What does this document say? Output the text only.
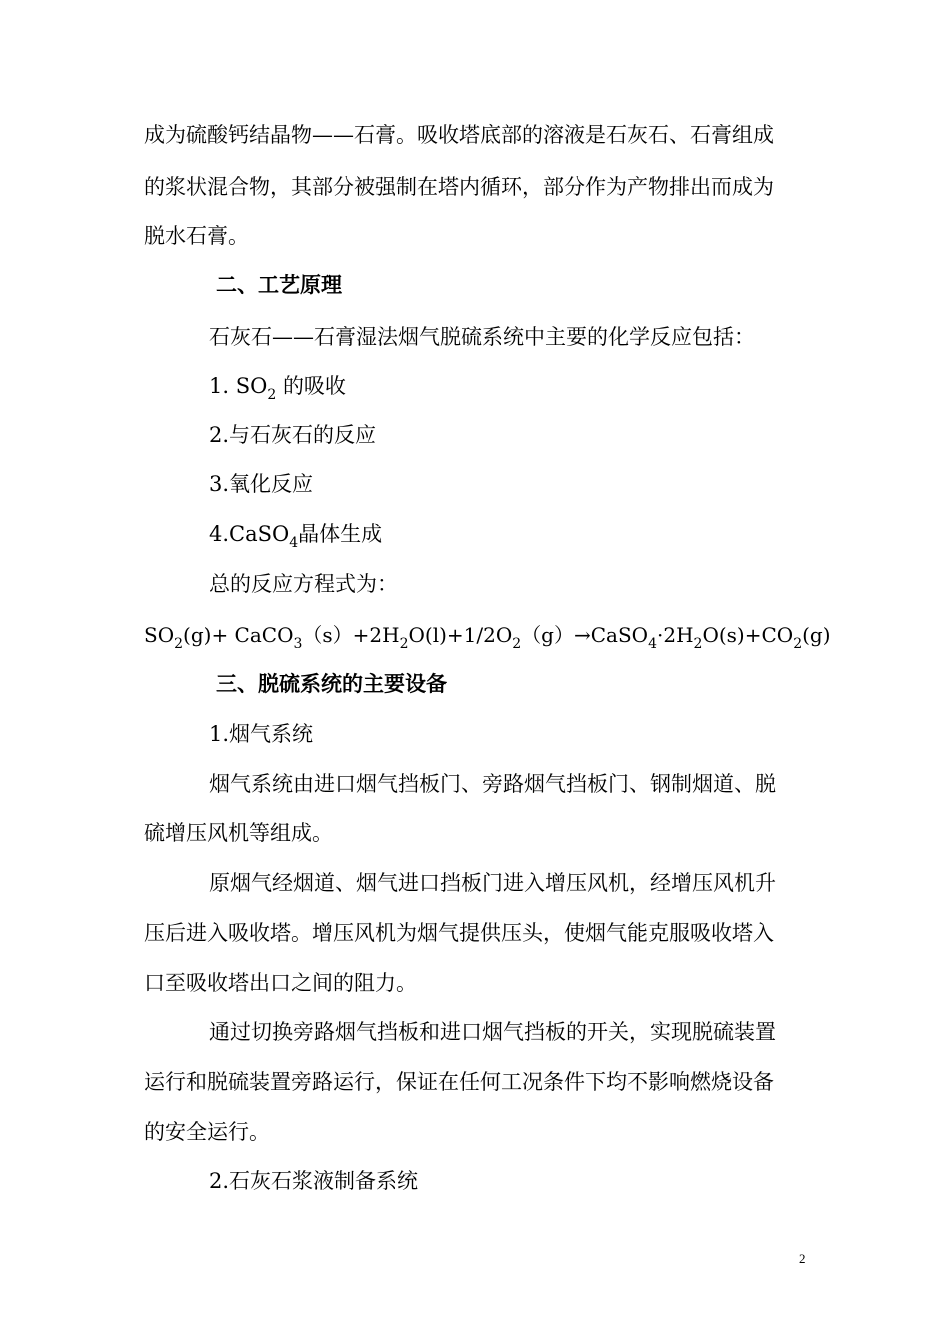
成为硫酸钙结晶物——石膏。吸收塔底部的溶液是石灰石、石膏组成
的浆状混合物，其部分被强制在塔内循环，部分作为产物排出而成为
脱水石膏。
二、工艺原理
石灰石——石膏湿法烟气脱硫系统中主要的化学反应包括：
1. $SO_2$ 的吸收
2.与石灰石的反应
3.氧化反应
4.CaSO$_4$晶体生成
总的反应方程式为：
$SO_2(g)+$ $CaCO_3(s)+2H_2O(l)+1/2O_2(g)\to CaSO_4\cdot 2H_2O(s)+CO_2(g)$
三、脱硫系统的主要设备
1.烟气系统
烟气系统由进口烟气挡板门、旁路烟气挡板门、钢制烟道、脱
硫增压风机等组成。
原烟气经烟道、烟气进口挡板门进入增压风机，经增压风机升
压后进入吸收塔。增压风机为烟气提供压头，使烟气能克服吸收塔入
口至吸收塔出口之间的阻力。
通过切换旁路烟气挡板和进口烟气挡板的开关，实现脱硫装置
运行和脱硫装置旁路运行，保证在任何工况条件下均不影响燃烧设备
的安全运行。
2.石灰石浆液制备系统
2
